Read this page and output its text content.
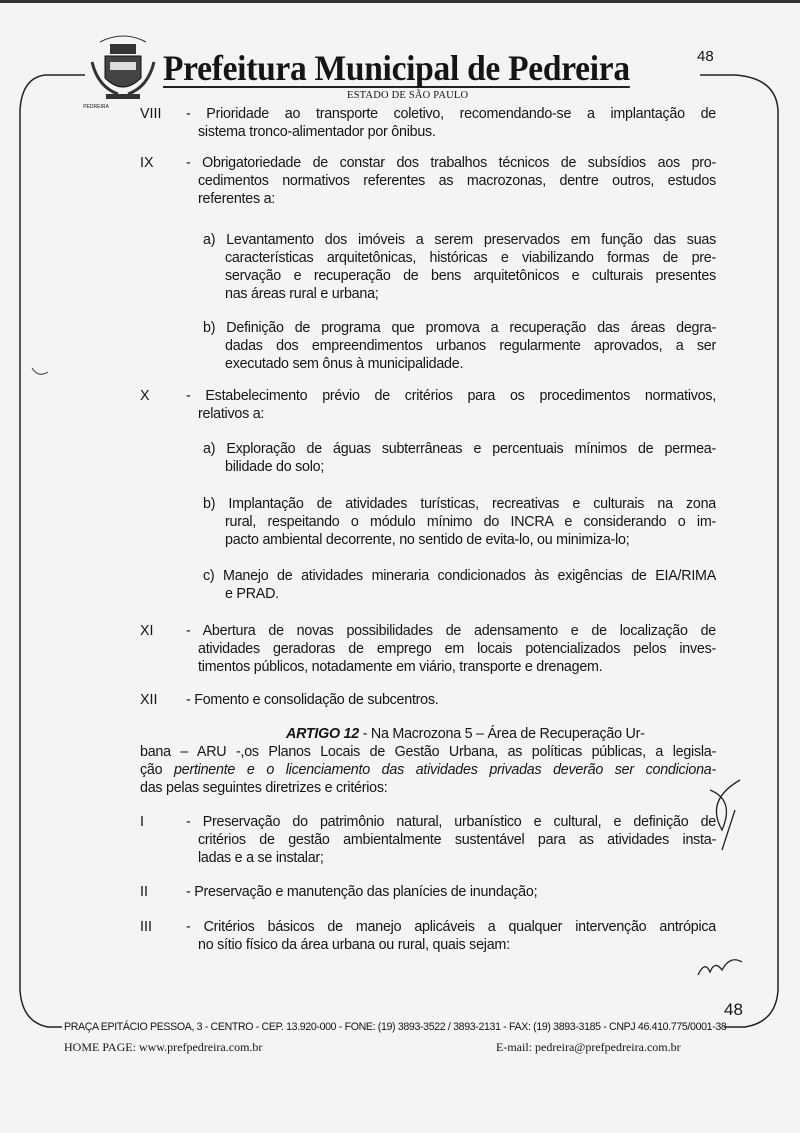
PEDREIRA
Prefeitura Municipal de Pedreira	48
ESTADO DE SÃO PAULO
ARTIGO 12 - Na Macrozona 5 – Área de Recuperação Ur-
bana – ARU -,os Planos Locais de Gestão Urbana, as políticas públicas, a legisla-
ção pertinente e o licenciamento das atividades privadas deverão ser condiciona-
das pelas seguintes diretrizes e critérios:
VIII - Prioridade ao transporte coletivo, recomendando-se a implantação de
sistema tronco-alimentador por ônibus.
IX - Obrigatoriedade de constar dos trabalhos técnicos de subsídios aos pro-
cedimentos normativos referentes as macrozonas, dentre outros, estudos
referentes a:
a) Levantamento dos imóveis a serem preservados em função das suas
características arquitetônicas, históricas e viabilizando formas de pre-
servação e recuperação de bens arquitetônicos e culturais presentes
nas áreas rural e urbana;
b) Definição de programa que promova a recuperação das áreas degra-
dadas dos empreendimentos urbanos regularmente aprovados, a ser
executado sem ônus à municipalidade.
X	- Estabelecimento prévio de critérios para os procedimentos normativos,
relativos a:
a) Exploração de águas subterrâneas e percentuais mínimos de permea-
bilidade do solo;
b) Implantação de atividades turísticas, recreativas e culturais na zona
rural, respeitando o módulo mínimo do INCRA e considerando o im-
pacto ambiental decorrente, no sentido de evita-lo, ou minimiza-lo;
c) Manejo de atividades mineraria condicionados às exigências de EIA/RIMA
e PRAD.
XI - Abertura de novas possibilidades de adensamento e de localização de
atividades geradoras de emprego em locais potencializados pelos inves-
timentos públicos, notadamente em viário, transporte e drenagem.
XII - Fomento e consolidação de subcentros.
I	- Preservação do patrimônio natural, urbanístico e cultural, e definição de
critérios de gestão ambientalmente sustentável para as atividades insta-
ladas e a se instalar;
II	- Preservação e manutenção das planícies de inundação;
III - Critérios básicos de manejo aplicáveis a qualquer intervenção antrópica
no sítio físico da área urbana ou rural, quais sejam:
PRAÇA EPITÁCIO PESSOA, 3 - CENTRO - CEP. 13.920-000 - FONE: (19) 3893-3522 / 3893-2131 - FAX: (19) 3893-3185 - CNPJ 46.410.775/0001-38
48
HOME PAGE: www.prefpedreira.com.br	E-mail: pedreira@prefpedreira.com.br
